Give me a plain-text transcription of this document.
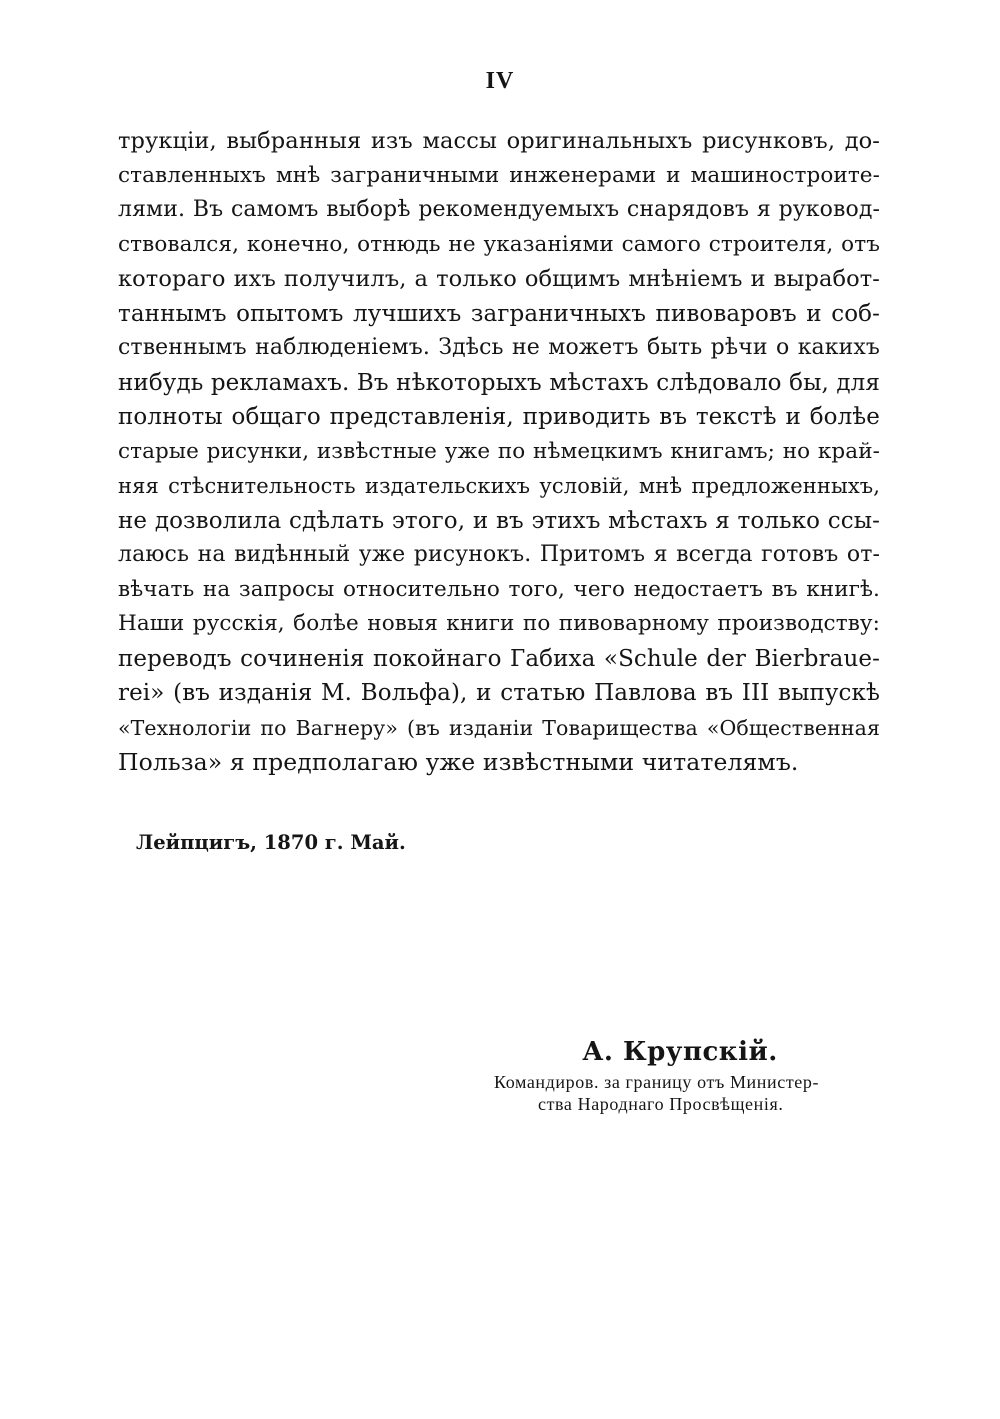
IV
трукціи, выбранныя изъ массы оригинальныхъ рисунковъ, до-
ставленныхъ мнѣ заграничными инженерами и машиностроите-
лями. Въ самомъ выборѣ рекомендуемыхъ снарядовъ я руковод-
ствовался, конечно, отнюдь не указаніями самого строителя, отъ
котораго ихъ получилъ, а только общимъ мнѣніемъ и выработ-
таннымъ опытомъ лучшихъ заграничныхъ пивоваровъ и соб-
ственнымъ наблюденіемъ. Здѣсь не можетъ быть рѣчи о какихъ
нибудь рекламахъ. Въ нѣкоторыхъ мѣстахъ слѣдовало бы, для
полноты общаго представленія, приводить въ текстѣ и болѣе
старые рисунки, извѣстные уже по нѣмецкимъ книгамъ; но край-
няя стѣснительность издательскихъ условій, мнѣ предложенныхъ,
не дозволила сдѣлать этого, и въ этихъ мѣстахъ я только ссы-
лаюсь на видѣнный уже рисунокъ. Притомъ я всегда готовъ от-
вѣчать на запросы относительно того, чего недостаетъ въ книгѣ.
Наши русскія, болѣе новыя книги по пивоварному производству:
переводъ сочиненія покойнаго Габиха «Schule der Bierbraue-
rei» (въ изданія М. Вольфа), и статью Павлова въ III выпускѣ
«Технологіи по Вагнеру» (въ изданіи Товарищества «Общественная
Польза» я предполагаю уже извѣстными читателямъ.
Лейпцигъ, 1870 г. Май.
А. Крупскій.
Командиров. за границу отъ Министер-
ства Народнаго Просвѣщенія.
